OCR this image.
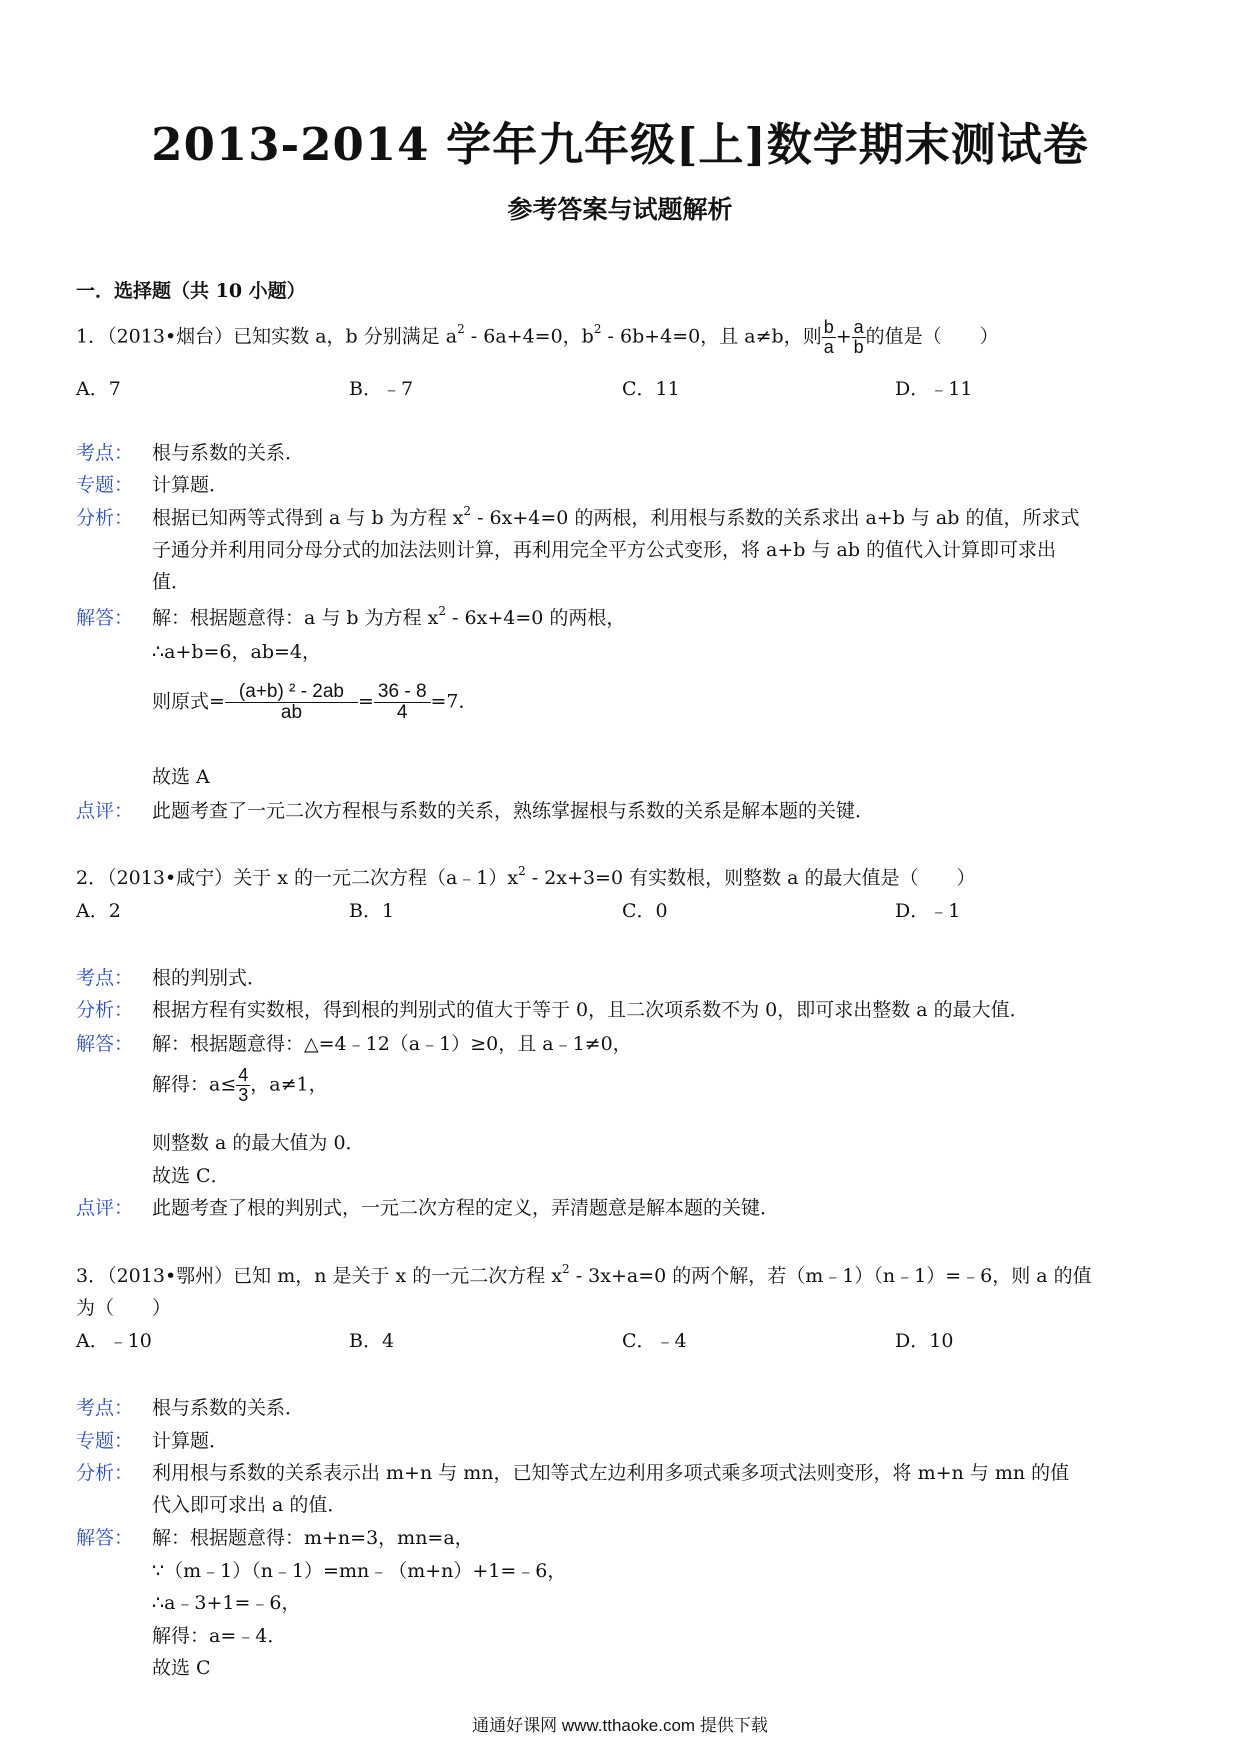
2013-2014 学年九年级[上]数学期末测试卷
参考答案与试题解析
一．选择题（共 10 小题）
1．（2013•烟台）已知实数 a，b 分别满足 $a^2 - 6a+4=0$，$b^2 - 6b+4=0$，且 a≠b，则 $\frac{b}{a} + \frac{a}{b}$ 的值是（　　）
A．7	B．﹣7	C．11	D．﹣11
考点： 根与系数的关系．
专题： 计算题．
分析： 根据已知两等式得到 a 与 b 为方程 $x^2 - 6x+4=0$ 的两根，利用根与系数的关系求出 a+b 与 ab 的值，所求式
子通分并利用同分母分式的加法法则计算，再利用完全平方公式变形，将 a+b 与 ab 的值代入计算即可求出
值．
解答： 解：根据题意得：a 与 b 为方程 $x^2 - 6x+4=0$ 的两根，
∴a+b=6，ab=4，
则原式= $\frac{\text{(a+b) ² - 2ab}}{ab} = \frac{36 - 8}{4} =7$．
故选 A
点评： 此题考查了一元二次方程根与系数的关系，熟练掌握根与系数的关系是解本题的关键．
2．（2013•咸宁）关于 x 的一元二次方程$(a﹣1)x^2 - 2x+3=0$ 有实数根，则整数 a 的最大值是（　　）
A．2	B．1	C．0	D．﹣1
考点： 根的判别式．
分析： 根据方程有实数根，得到根的判别式的值大于等于 0，且二次项系数不为 0，即可求出整数 a 的最大值．
解答： 解：根据题意得：△=4﹣12（a﹣1）≥0，且 a﹣1≠0，
解得：$a\le \frac{4}{3}$ ，a≠1，
则整数 a 的最大值为 0．
故选 C．
点评： 此题考查了根的判别式，一元二次方程的定义，弄清题意是解本题的关键．
3．（2013•鄂州）已知 m，n 是关于 x 的一元二次方程 $x^2 - 3x+a=0$ 的两个解，若（m﹣1）（n﹣1）=﹣6，则 a 的值
为（　　）
A．﹣10	B．4	C．﹣4	D．10
考点： 根与系数的关系．
专题： 计算题．
分析： 利用根与系数的关系表示出 m+n 与 mn，已知等式左边利用多项式乘多项式法则变形，将 m+n 与 mn 的值
代入即可求出 a 的值．
解答： 解：根据题意得：m+n=3，mn=a，
∵（m﹣1）（n﹣1）=mn﹣（m+n）+1=﹣6，
∴a﹣3+1=﹣6，
解得：a=﹣4．
故选 C
通通好课网 www.tthaoke.com 提供下载
